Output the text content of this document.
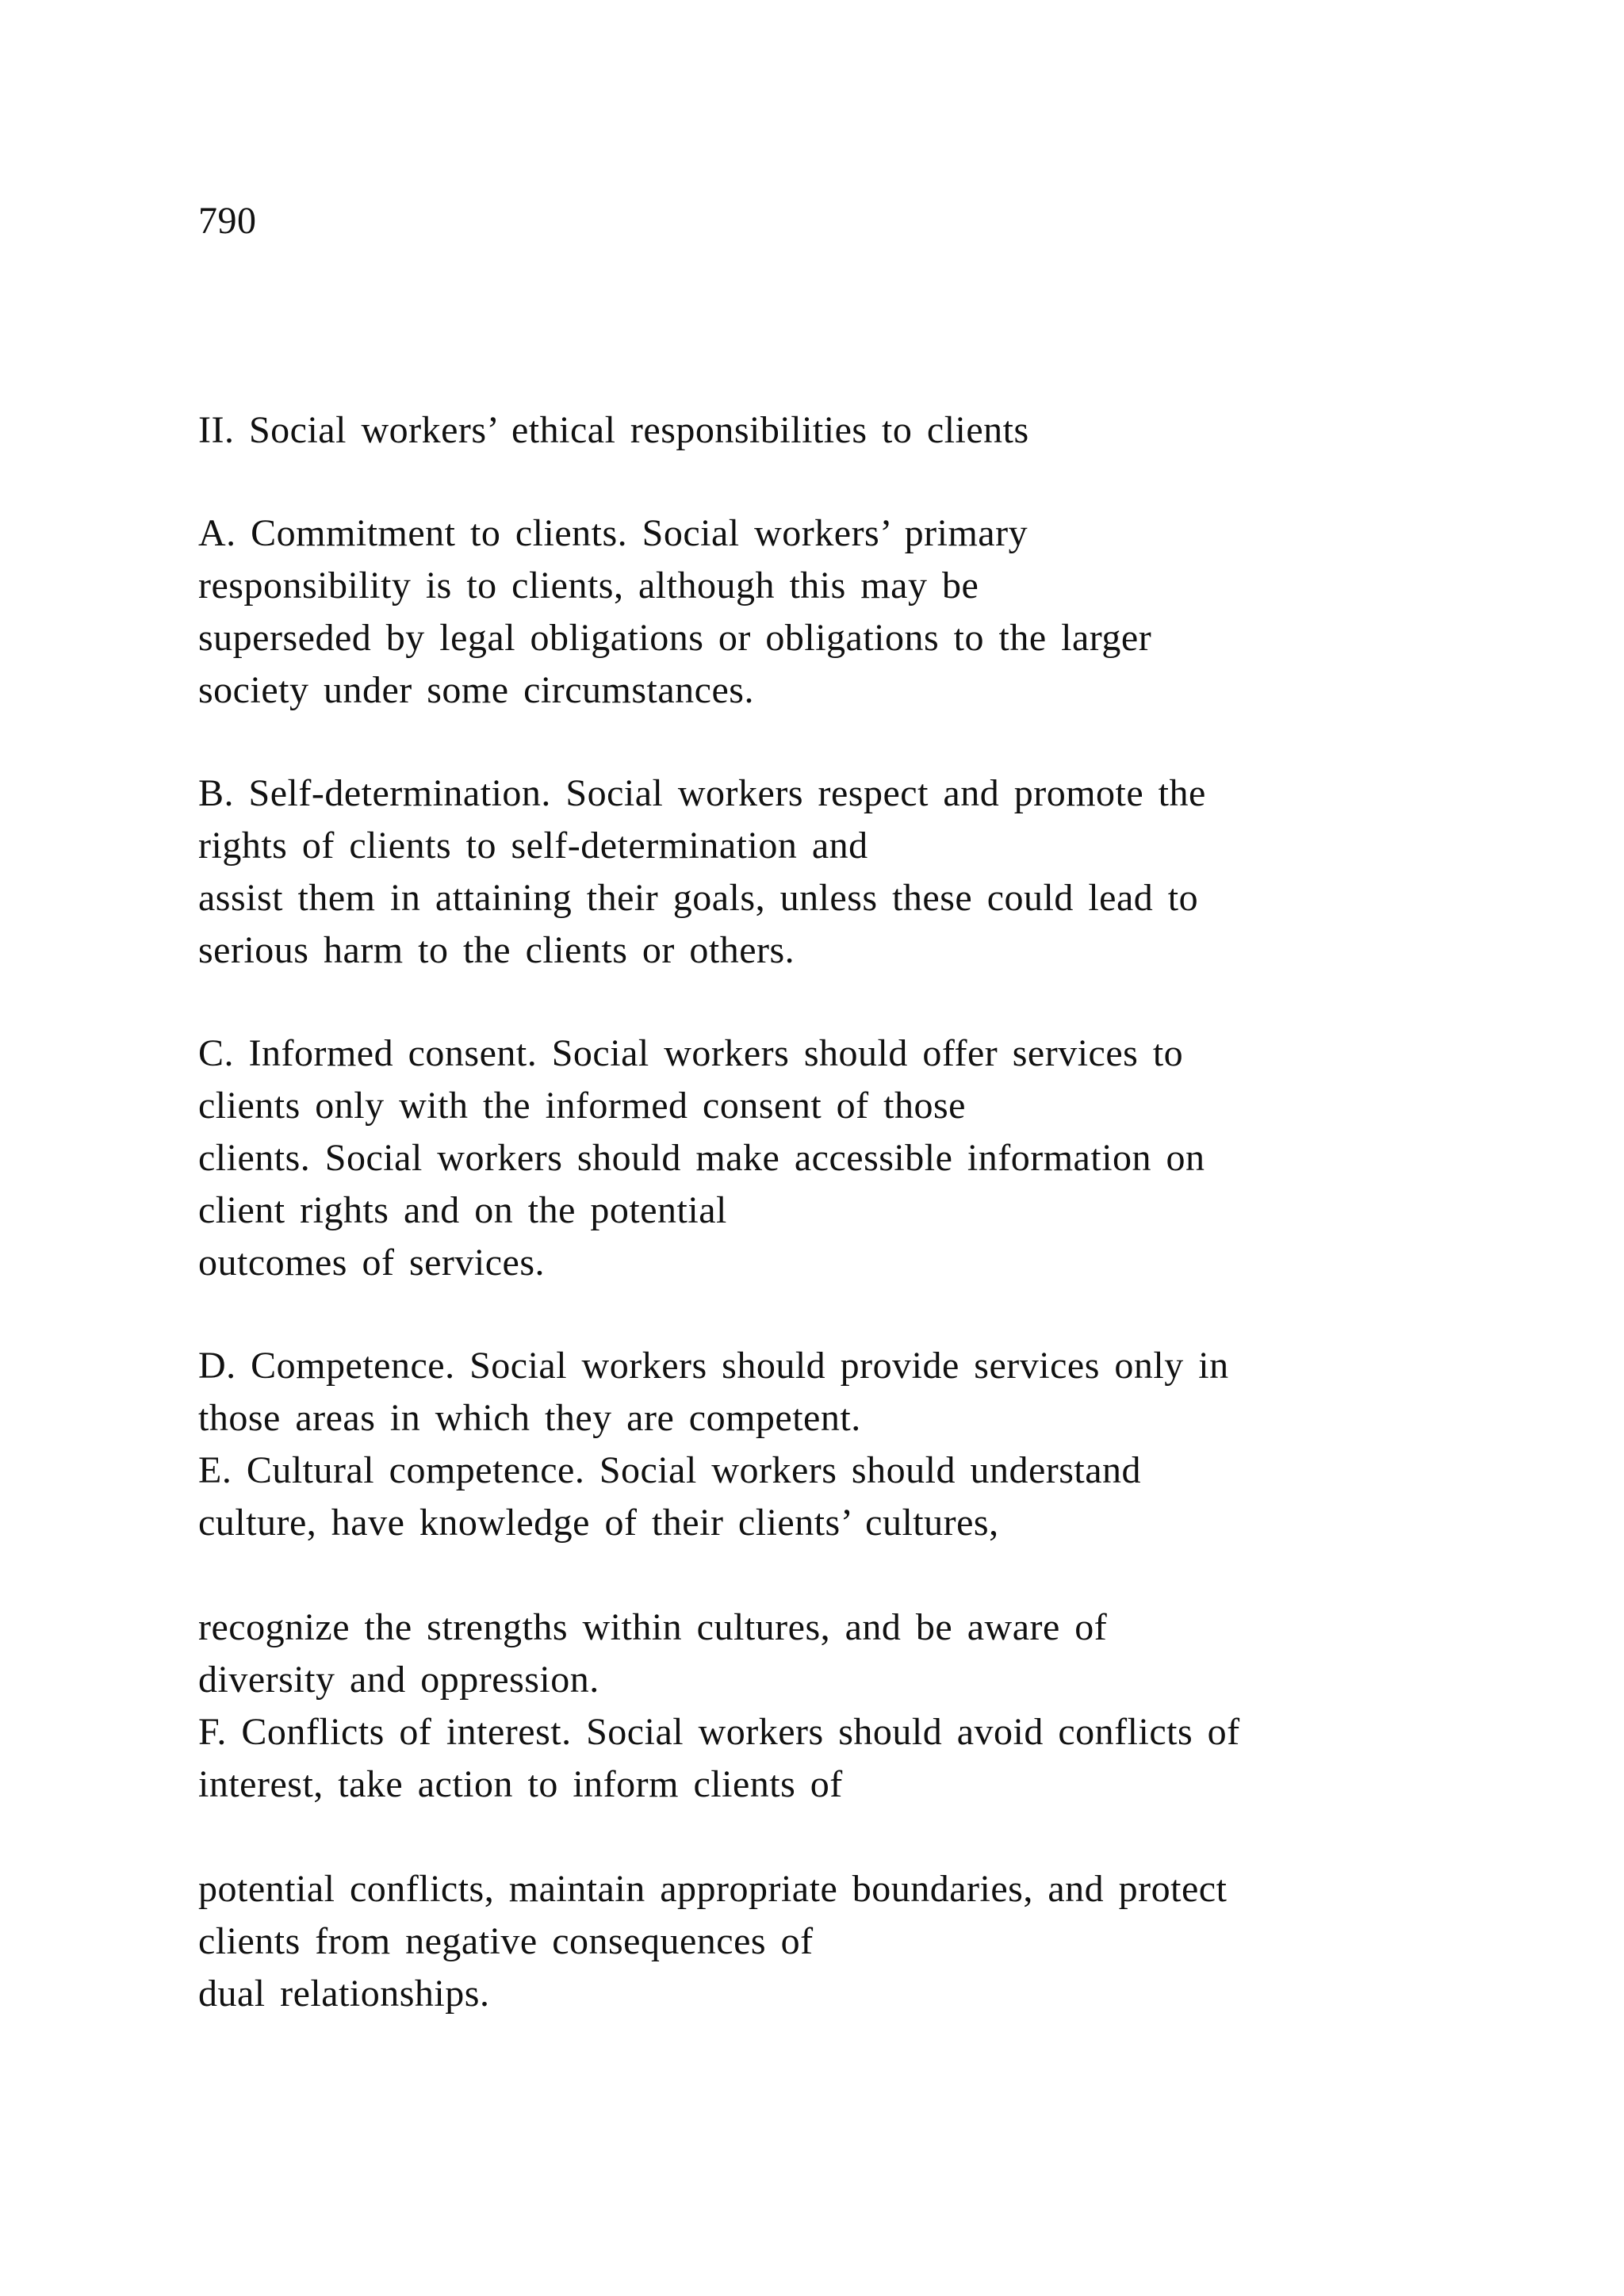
790
II. Social workers’ ethical responsibilities to clients
A. Commitment to clients. Social workers’ primary
responsibility is to clients, although this may be
superseded by legal obligations or obligations to the larger
society under some circumstances.
B. Self-determination. Social workers respect and promote the
rights of clients to self-determination and
assist them in attaining their goals, unless these could lead to
serious harm to the clients or others.
C. Informed consent. Social workers should offer services to
clients only with the informed consent of those
clients. Social workers should make accessible information on
client rights and on the potential
outcomes of services.
D. Competence. Social workers should provide services only in
those areas in which they are competent.
E. Cultural competence. Social workers should understand
culture, have knowledge of their clients’ cultures,
recognize the strengths within cultures, and be aware of
diversity and oppression.
F. Conflicts of interest. Social workers should avoid conflicts of
interest, take action to inform clients of
potential conflicts, maintain appropriate boundaries, and protect
clients from negative consequences of
dual relationships.
